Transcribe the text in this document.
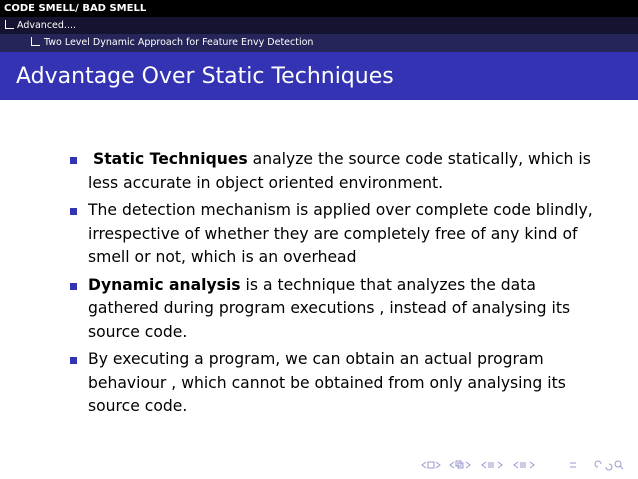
CODE SMELL/ BAD SMELL
Advanced....
Two Level Dynamic Approach for Feature Envy Detection
Advantage Over Static Techniques
Static Techniques analyze the source code statically, which is less accurate in object oriented environment.
The detection mechanism is applied over complete code blindly, irrespective of whether they are completely free of any kind of smell or not, which is an overhead
Dynamic analysis is a technique that analyzes the data gathered during program executions , instead of analysing its source code.
By executing a program, we can obtain an actual program behaviour , which cannot be obtained from only analysing its source code.
